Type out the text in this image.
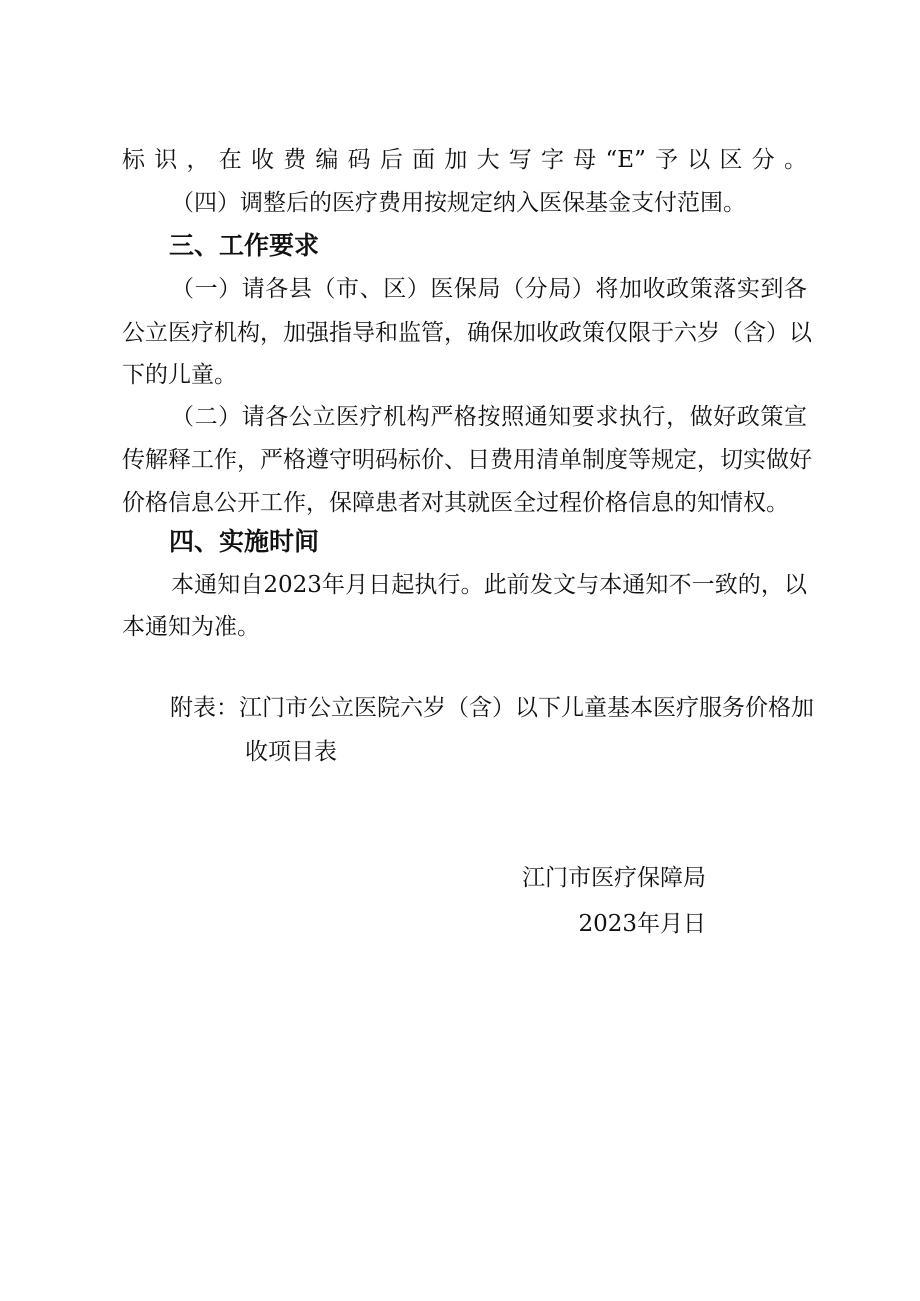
标识，在收费编码后面加大写字母“E”予以区分。
（四）调整后的医疗费用按规定纳入医保基金支付范围。
三、工作要求
（一）请各县（市、区）医保局（分局）将加收政策落实到各
公立医疗机构，加强指导和监管，确保加收政策仅限于六岁（含）以
下的儿童。
（二）请各公立医疗机构严格按照通知要求执行，做好政策宣
传解释工作，严格遵守明码标价、日费用清单制度等规定，切实做好
价格信息公开工作，保障患者对其就医全过程价格信息的知情权。
四、实施时间
本通知自2023年月日起执行。此前发文与本通知不一致的，以
本通知为准。
附表：江门市公立医院六岁（含）以下儿童基本医疗服务价格加
收项目表
江门市医疗保障局
2023年月日
